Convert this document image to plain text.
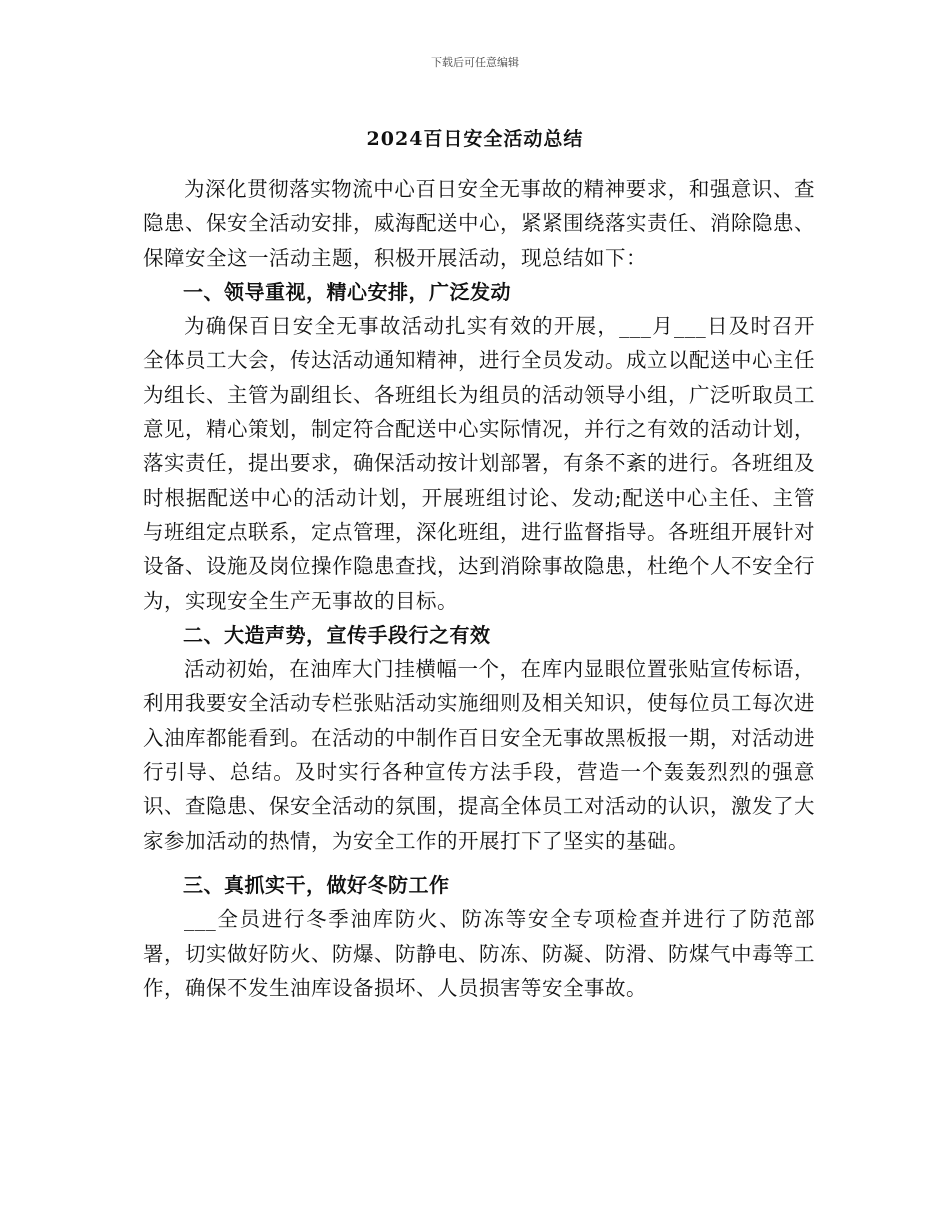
下载后可任意编辑
2024百日安全活动总结

为深化贯彻落实物流中心百日安全无事故的精神要求，和强意识、查隐患、保安全活动安排，威海配送中心，紧紧围绕落实责任、消除隐患、保障安全这一活动主题，积极开展活动，现总结如下：

一、领导重视，精心安排，广泛发动

为确保百日安全无事故活动扎实有效的开展，___月___日及时召开全体员工大会，传达活动通知精神，进行全员发动。成立以配送中心主任为组长、主管为副组长、各班组长为组员的活动领导小组，广泛听取员工意见，精心策划，制定符合配送中心实际情况，并行之有效的活动计划，落实责任，提出要求，确保活动按计划部署，有条不紊的进行。各班组及时根据配送中心的活动计划，开展班组讨论、发动;配送中心主任、主管与班组定点联系，定点管理，深化班组，进行监督指导。各班组开展针对设备、设施及岗位操作隐患查找，达到消除事故隐患，杜绝个人不安全行为，实现安全生产无事故的目标。

二、大造声势，宣传手段行之有效

活动初始，在油库大门挂横幅一个，在库内显眼位置张贴宣传标语，利用我要安全活动专栏张贴活动实施细则及相关知识，使每位员工每次进入油库都能看到。在活动的中制作百日安全无事故黑板报一期，对活动进行引导、总结。及时实行各种宣传方法手段，营造一个轰轰烈烈的强意识、查隐患、保安全活动的氛围，提高全体员工对活动的认识，激发了大家参加活动的热情，为安全工作的开展打下了坚实的基础。

三、真抓实干，做好冬防工作

___全员进行冬季油库防火、防冻等安全专项检查并进行了防范部署，切实做好防火、防爆、防静电、防冻、防凝、防滑、防煤气中毒等工作，确保不发生油库设备损坏、人员损害等安全事故。
